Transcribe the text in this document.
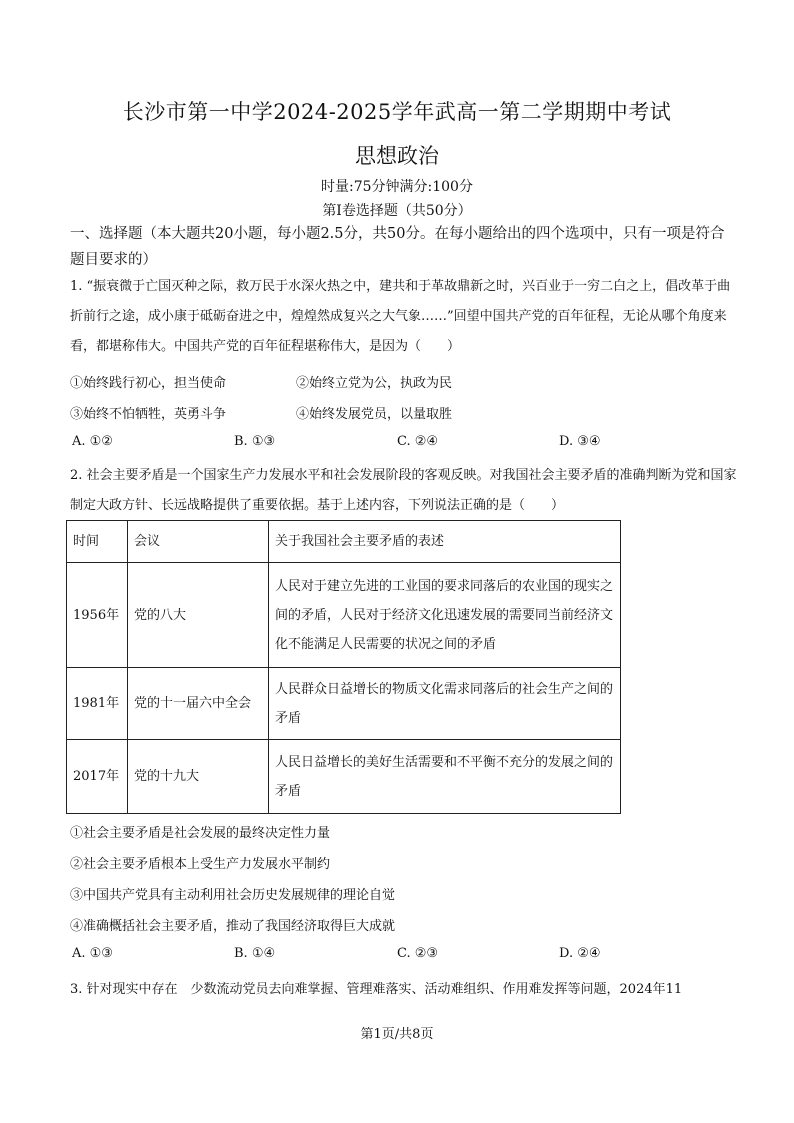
长沙市第一中学2024-2025学年武高一第二学期期中考试
思想政治
时量:75分钟满分:100分
第Ⅰ卷选择题（共50分）
一、选择题（本大题共20小题，每小题2.5分，共50分。在每小题给出的四个选项中，只有一项是符合题目要求的）
1. “振衰微于亡国灭种之际，救万民于水深火热之中，建共和于革故鼎新之时，兴百业于一穷二白之上，倡改革于曲折前行之途，成小康于砥砺奋进之中，煌煌然成复兴之大气象……”回望中国共产党的百年征程，无论从哪个角度来看，都堪称伟大。中国共产党的百年征程堪称伟大，是因为（　　）
①始终践行初心，担当使命	②始终立党为公，执政为民
③始终不怕牺牲，英勇斗争	④始终发展党员，以量取胜
A. ①②	B. ①③	C. ②④	D. ③④
2. 社会主要矛盾是一个国家生产力发展水平和社会发展阶段的客观反映。对我国社会主要矛盾的准确判断为党和国家制定大政方针、长远战略提供了重要依据。基于上述内容，下列说法正确的是（　　）
时间	会议	关于我国社会主要矛盾的表述
1956年	党的八大	人民对于建立先进的工业国的要求同落后的农业国的现实之间的矛盾，人民对于经济文化迅速发展的需要同当前经济文化不能满足人民需要的状况之间的矛盾
1981年	党的十一届六中全会	人民群众日益增长的物质文化需求同落后的社会生产之间的矛盾
2017年	党的十九大	人民日益增长的美好生活需要和不平衡不充分的发展之间的矛盾
①社会主要矛盾是社会发展的最终决定性力量
②社会主要矛盾根本上受生产力发展水平制约
③中国共产党具有主动利用社会历史发展规律的理论自觉
④准确概括社会主要矛盾，推动了我国经济取得巨大成就
A. ①③	B. ①④	C. ②③	D. ②④
3. 针对现实中存在　少数流动党员去向难掌握、管理难落实、活动难组织、作用难发挥等问题，2024年11
第1页/共8页
